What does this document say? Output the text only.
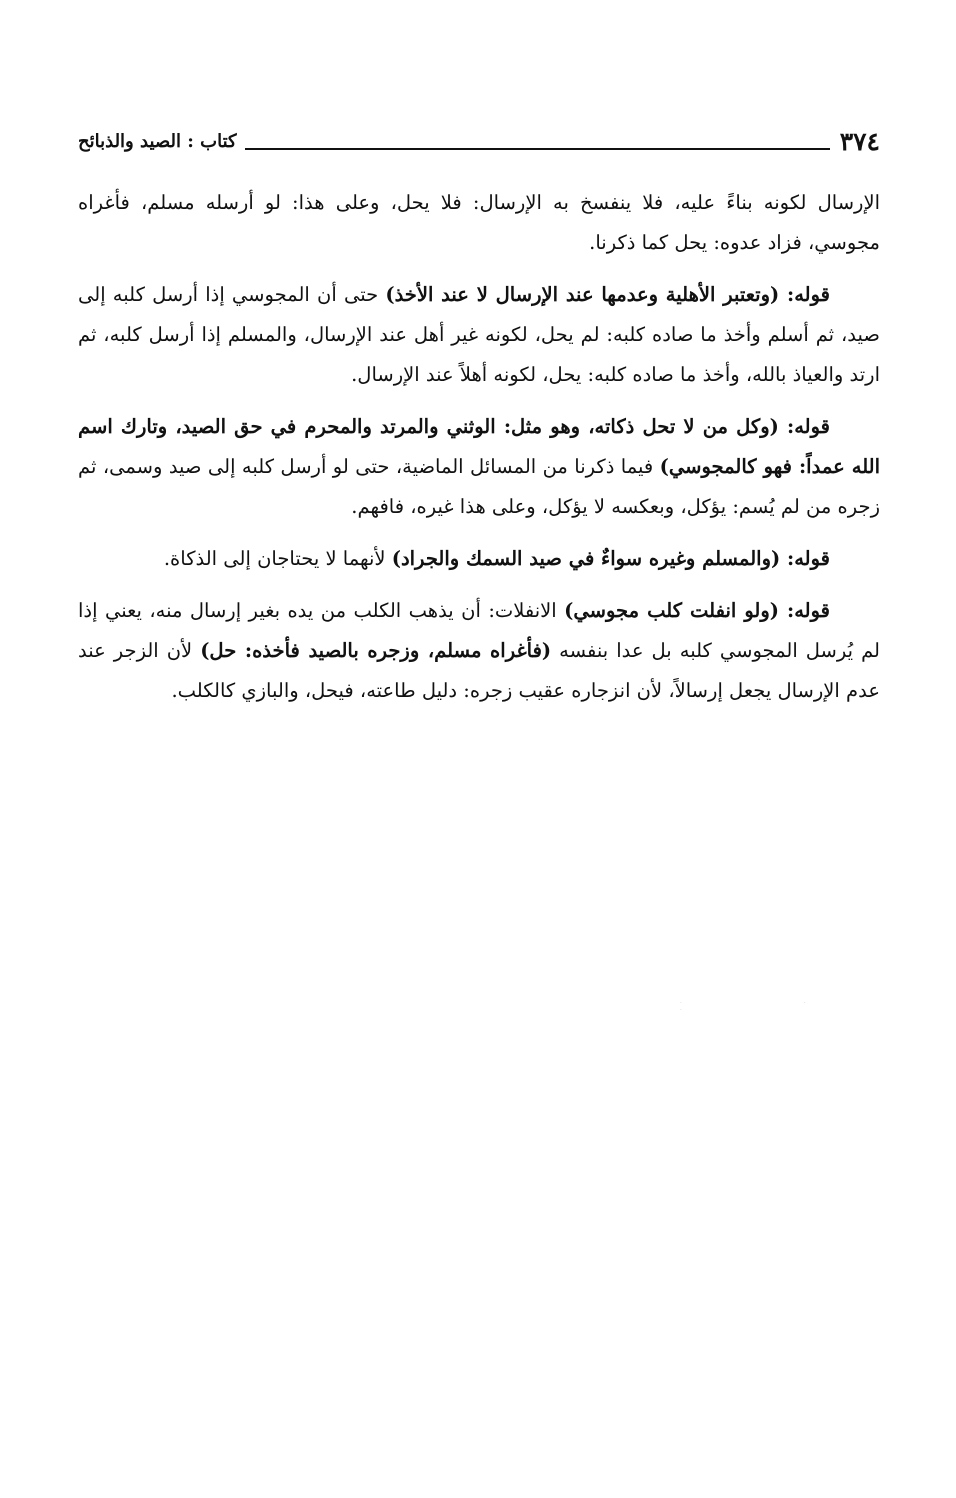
٣٧٤
كتاب : الصيد والذبائح

الإرسال لكونه بناءً عليه، فلا ينفسخ به الإرسال: فلا يحل، وعلى هذا: لو أرسله مسلم، فأغراه مجوسي، فزاد عدوه: يحل كما ذكرنا.

قوله: (وتعتبر الأهلية وعدمها عند الإرسال لا عند الأخذ) حتى أن المجوسي إذا أرسل كلبه إلى صيد، ثم أسلم وأخذ ما صاده كلبه: لم يحل، لكونه غير أهل عند الإرسال، والمسلم إذا أرسل كلبه، ثم ارتد والعياذ بالله، وأخذ ما صاده كلبه: يحل، لكونه أهلاً عند الإرسال.

قوله: (وكل من لا تحل ذكاته، وهو مثل: الوثني والمرتد والمحرم في حق الصيد، وتارك اسم الله عمداً: فهو كالمجوسي) فيما ذكرنا من المسائل الماضية، حتى لو أرسل كلبه إلى صيد وسمى، ثم زجره من لم يُسم: يؤكل، وبعكسه لا يؤكل، وعلى هذا غيره، فافهم.

قوله: (والمسلم وغيره سواءٌ في صيد السمك والجراد) لأنهما لا يحتاجان إلى الذكاة.

قوله: (ولو انفلت كلب مجوسي) الانفلات: أن يذهب الكلب من يده بغير إرسال منه، يعني إذا لم يُرسل المجوسي كلبه بل عدا بنفسه (فأغراه مسلم، وزجره بالصيد فأخذه: حل) لأن الزجر عند عدم الإرسال يجعل إرسالاً، لأن انزجاره عقيب زجره: دليل طاعته، فيحل، والبازي كالكلب.

· · ·
